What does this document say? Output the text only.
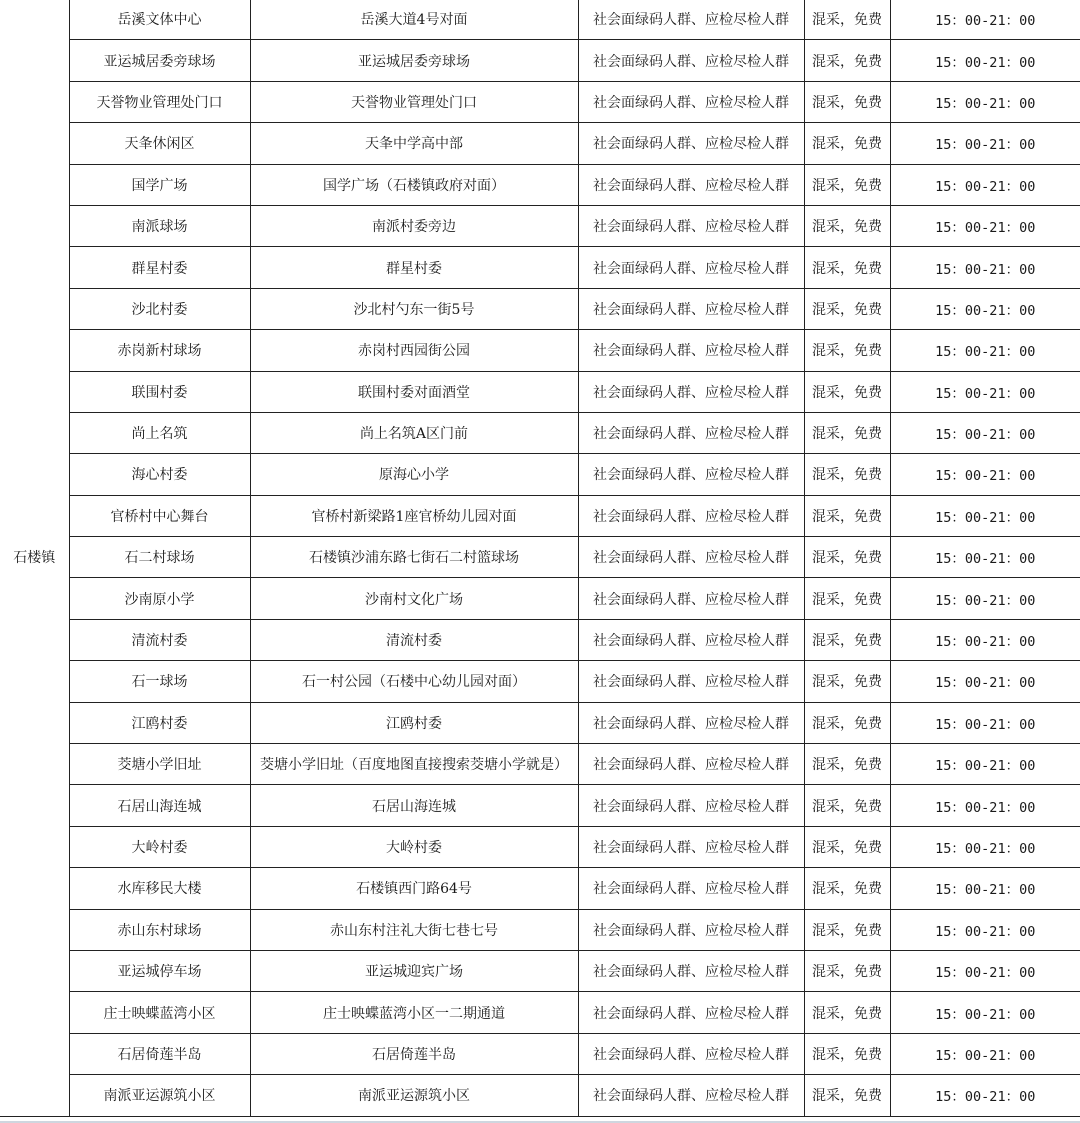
石楼镇	岳溪文体中心	岳溪大道4号对面	社会面绿码人群、应检尽检人群	混采，免费	15：00-21：00
	亚运城居委旁球场	亚运城居委旁球场	社会面绿码人群、应检尽检人群	混采，免费	15：00-21：00
	天誉物业管理处门口	天誉物业管理处门口	社会面绿码人群、应检尽检人群	混采，免费	15：00-21：00
	天夆休闲区	天夆中学高中部	社会面绿码人群、应检尽检人群	混采，免费	15：00-21：00
	国学广场	国学广场（石楼镇政府对面）	社会面绿码人群、应检尽检人群	混采，免费	15：00-21：00
	南派球场	南派村委旁边	社会面绿码人群、应检尽检人群	混采，免费	15：00-21：00
	群星村委	群星村委	社会面绿码人群、应检尽检人群	混采，免费	15：00-21：00
	沙北村委	沙北村勺东一街5号	社会面绿码人群、应检尽检人群	混采，免费	15：00-21：00
	赤岗新村球场	赤岗村西园街公园	社会面绿码人群、应检尽检人群	混采，免费	15：00-21：00
	联围村委	联围村委对面酒堂	社会面绿码人群、应检尽检人群	混采，免费	15：00-21：00
	尚上名筑	尚上名筑A区门前	社会面绿码人群、应检尽检人群	混采，免费	15：00-21：00
	海心村委	原海心小学	社会面绿码人群、应检尽检人群	混采，免费	15：00-21：00
	官桥村中心舞台	官桥村新梁路1座官桥幼儿园对面	社会面绿码人群、应检尽检人群	混采，免费	15：00-21：00
	石二村球场	石楼镇沙浦东路七街石二村篮球场	社会面绿码人群、应检尽检人群	混采，免费	15：00-21：00
	沙南原小学	沙南村文化广场	社会面绿码人群、应检尽检人群	混采，免费	15：00-21：00
	清流村委	清流村委	社会面绿码人群、应检尽检人群	混采，免费	15：00-21：00
	石一球场	石一村公园（石楼中心幼儿园对面）	社会面绿码人群、应检尽检人群	混采，免费	15：00-21：00
	江鸥村委	江鸥村委	社会面绿码人群、应检尽检人群	混采，免费	15：00-21：00
	茭塘小学旧址	茭塘小学旧址（百度地图直接搜索茭塘小学就是）	社会面绿码人群、应检尽检人群	混采，免费	15：00-21：00
	石居山海连城	石居山海连城	社会面绿码人群、应检尽检人群	混采，免费	15：00-21：00
	大岭村委	大岭村委	社会面绿码人群、应检尽检人群	混采，免费	15：00-21：00
	水库移民大楼	石楼镇西门路64号	社会面绿码人群、应检尽检人群	混采，免费	15：00-21：00
	赤山东村球场	赤山东村注礼大街七巷七号	社会面绿码人群、应检尽检人群	混采，免费	15：00-21：00
	亚运城停车场	亚运城迎宾广场	社会面绿码人群、应检尽检人群	混采，免费	15：00-21：00
	庄士映蝶蓝湾小区	庄士映蝶蓝湾小区一二期通道	社会面绿码人群、应检尽检人群	混采，免费	15：00-21：00
	石居倚莲半岛	石居倚莲半岛	社会面绿码人群、应检尽检人群	混采，免费	15：00-21：00
	南派亚运源筑小区	南派亚运源筑小区	社会面绿码人群、应检尽检人群	混采，免费	15：00-21：00
